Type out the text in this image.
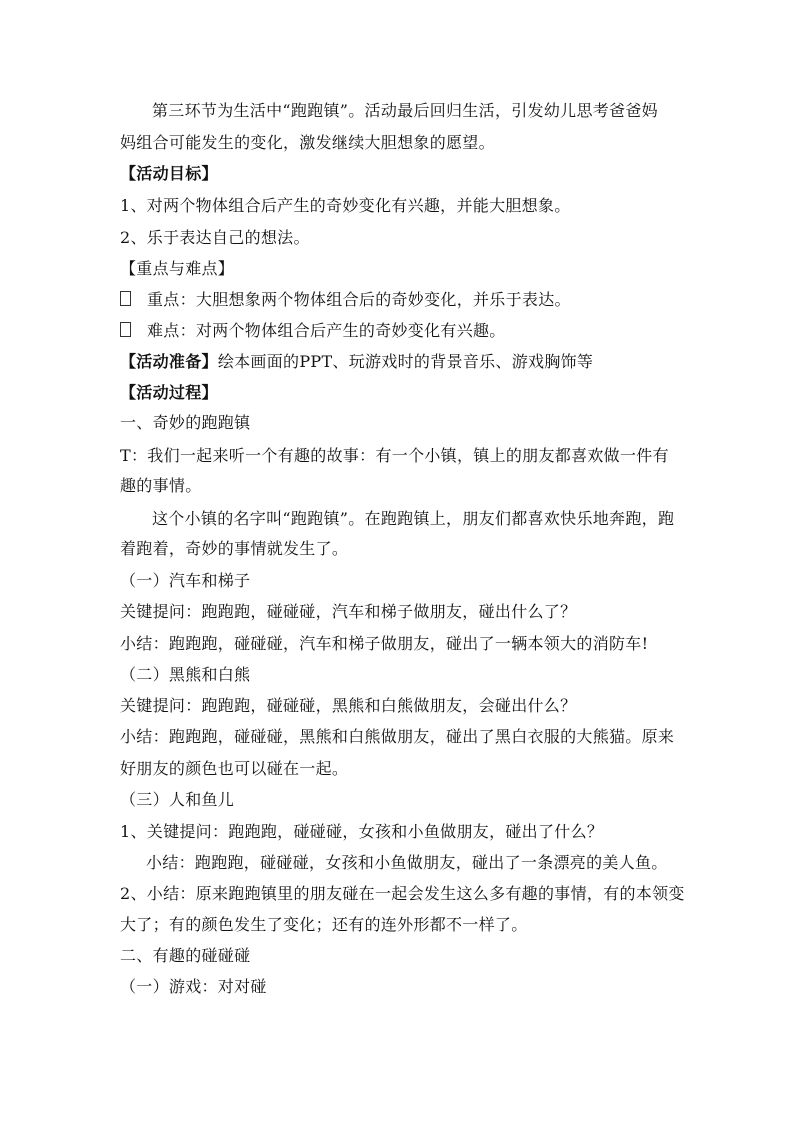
第三环节为生活中“跑跑镇”。活动最后回归生活，引发幼儿思考爸爸妈
妈组合可能发生的变化，激发继续大胆想象的愿望。
【活动目标】
1、对两个物体组合后产生的奇妙变化有兴趣，并能大胆想象。
2、乐于表达自己的想法。
【重点与难点】
重点：大胆想象两个物体组合后的奇妙变化，并乐于表达。
难点：对两个物体组合后产生的奇妙变化有兴趣。
【活动准备】绘本画面的PPT、玩游戏时的背景音乐、游戏胸饰等
【活动过程】
一、奇妙的跑跑镇
T：我们一起来听一个有趣的故事：有一个小镇，镇上的朋友都喜欢做一件有
趣的事情。
这个小镇的名字叫“跑跑镇”。在跑跑镇上，朋友们都喜欢快乐地奔跑，跑
着跑着，奇妙的事情就发生了。
（一）汽车和梯子
关键提问：跑跑跑，碰碰碰，汽车和梯子做朋友，碰出什么了？
小结：跑跑跑，碰碰碰，汽车和梯子做朋友，碰出了一辆本领大的消防车!
（二）黑熊和白熊
关键提问：跑跑跑，碰碰碰，黑熊和白熊做朋友，会碰出什么？
小结：跑跑跑，碰碰碰，黑熊和白熊做朋友，碰出了黑白衣服的大熊猫。原来
好朋友的颜色也可以碰在一起。
（三）人和鱼儿
1、关键提问：跑跑跑，碰碰碰，女孩和小鱼做朋友，碰出了什么？
小结：跑跑跑，碰碰碰，女孩和小鱼做朋友，碰出了一条漂亮的美人鱼。
2、小结：原来跑跑镇里的朋友碰在一起会发生这么多有趣的事情，有的本领变
大了；有的颜色发生了变化；还有的连外形都不一样了。
二、有趣的碰碰碰
（一）游戏：对对碰
